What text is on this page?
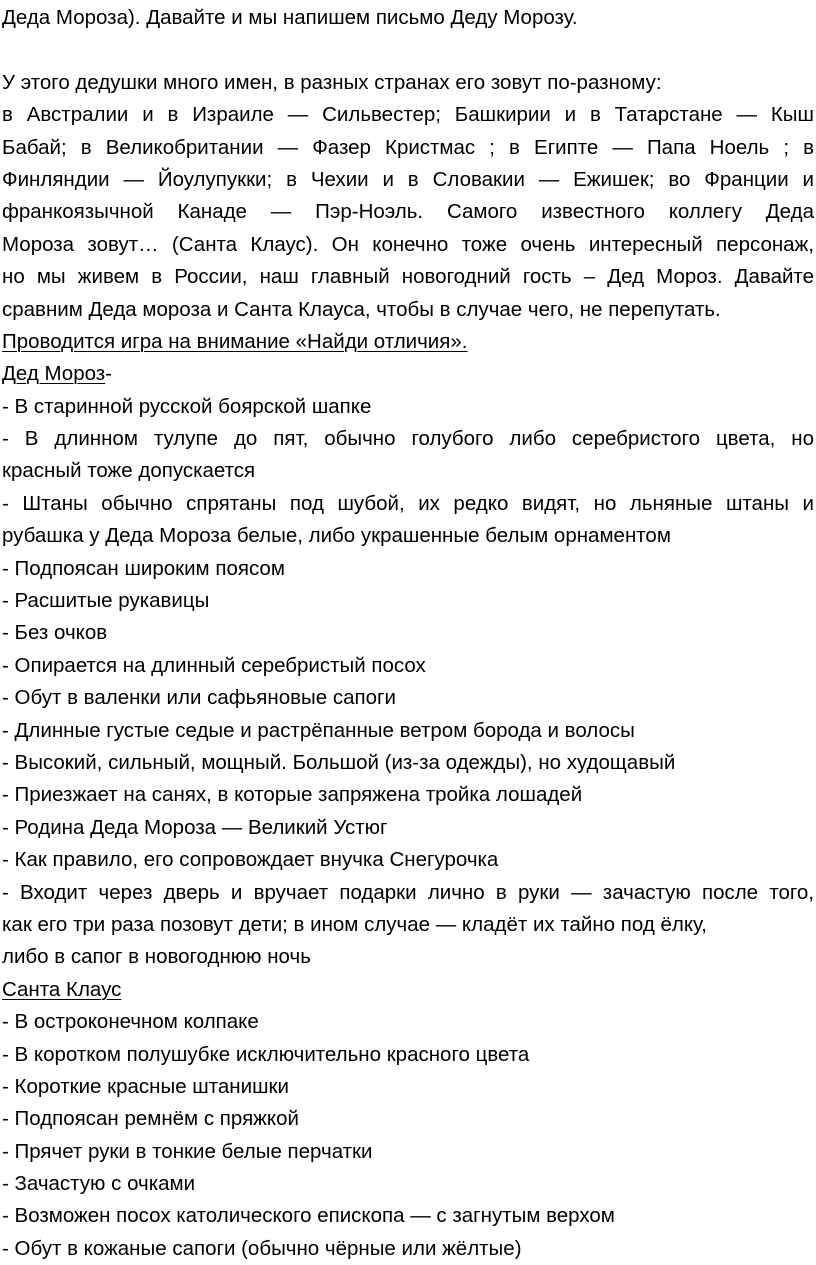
Деда Мороза). Давайте и мы напишем письмо Деду Морозу.
У этого дедушки много имен, в разных странах его зовут по-разному:
в Австралии и в Израиле — Сильвестер; Башкирии и в Татарстане — Кыш
Бабай; в Великобритании — Фазер Кристмас ; в Египте — Папа Ноель ; в
Финляндии — Йоулупукки; в Чехии и в Словакии — Ежишек; во Франции и
франкоязычной Канаде — Пэр-Ноэль. Самого известного коллегу Деда
Мороза зовут… (Санта Клаус). Он конечно тоже очень интересный персонаж,
но мы живем в России, наш главный новогодний гость – Дед Мороз. Давайте
сравним Деда мороза и Санта Клауса, чтобы в случае чего, не перепутать.
Проводится игра на внимание «Найди отличия».
Дед Мороз-
- В старинной русской боярской шапке
- В длинном тулупе до пят, обычно голубого либо серебристого цвета, но
красный тоже допускается
- Штаны обычно спрятаны под шубой, их редко видят, но льняные штаны и
рубашка у Деда Мороза белые, либо украшенные белым орнаментом
- Подпоясан широким поясом
- Расшитые рукавицы
- Без очков
- Опирается на длинный серебристый посох
- Обут в валенки или сафьяновые сапоги
- Длинные густые седые и растрёпанные ветром борода и волосы
- Высокий, сильный, мощный. Большой (из-за одежды), но худощавый
- Приезжает на санях, в которые запряжена тройка лошадей
- Родина Деда Мороза — Великий Устюг
- Как правило, его сопровождает внучка Снегурочка
- Входит через дверь и вручает подарки лично в руки — зачастую после того,
как его три раза позовут дети; в ином случае — кладёт их тайно под ёлку,
либо в сапог в новогоднюю ночь
Санта Клаус
- В остроконечном колпаке
- В коротком полушубке исключительно красного цвета
- Короткие красные штанишки
- Подпоясан ремнём с пряжкой
- Прячет руки в тонкие белые перчатки
- Зачастую с очками
- Возможен посох католического епископа — с загнутым верхом
- Обут в кожаные сапоги (обычно чёрные или жёлтые)
